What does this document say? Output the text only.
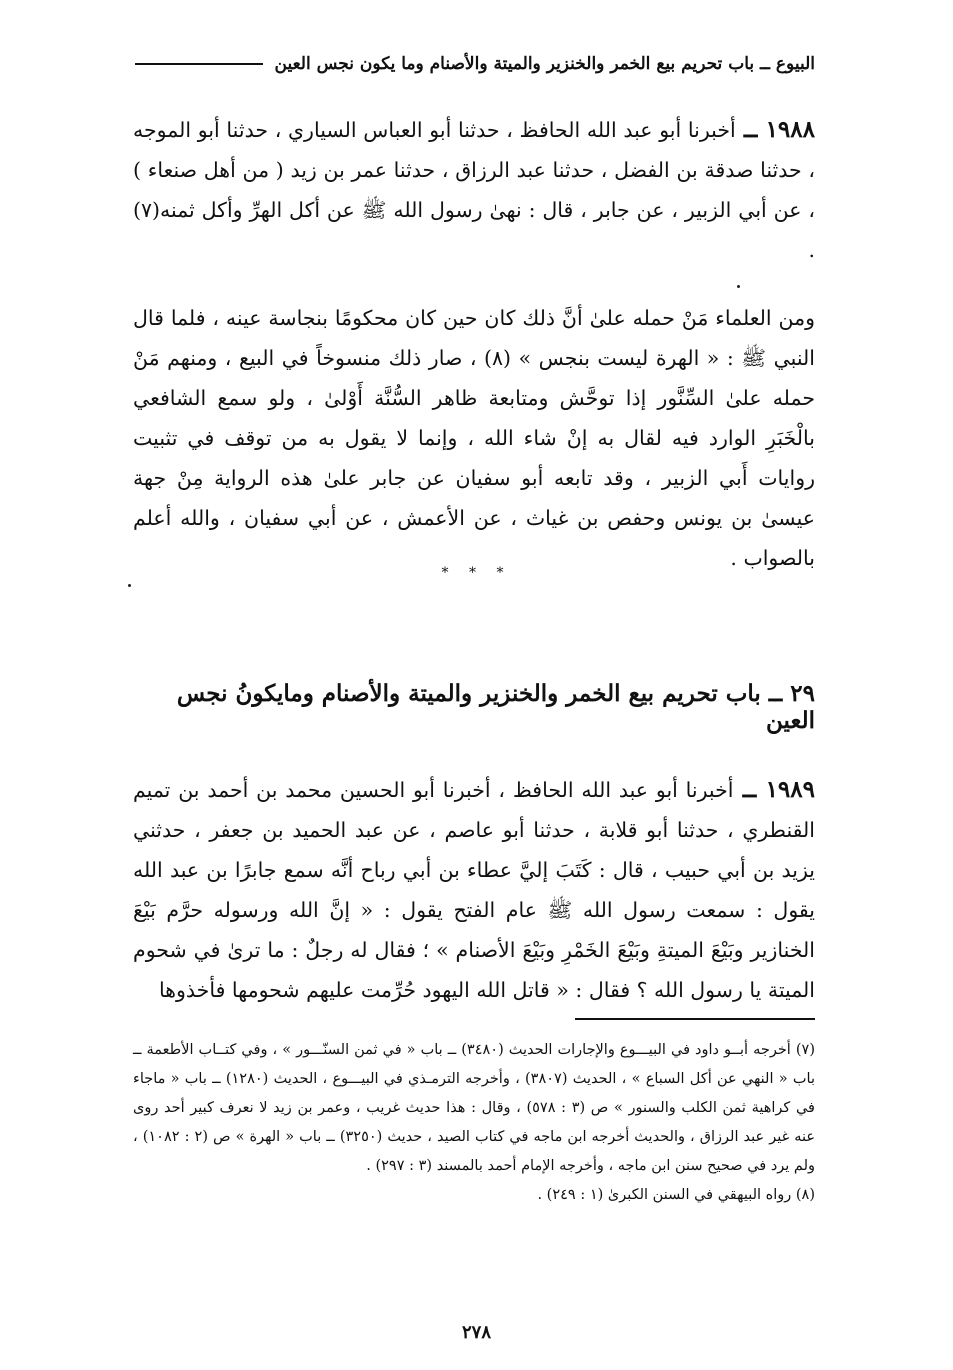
البيوع ــ باب تحريم بيع الخمر والخنزير والميتة والأصنام وما يكون نجس العين
١٩٨٨ ــ أخبرنا أبو عبد الله الحافظ ، حدثنا أبو العباس السياري ، حدثنا أبو الموجه ، حدثنا صدقة بن الفضل ، حدثنا عبد الرزاق ، حدثنا عمر بن زيد ( من أهل صنعاء ) ، عن أبي الزبير ، عن جابر ، قال : نهىٰ رسول الله ﷺ عن أكل الهرِّ وأكل ثمنه(٧) .
ومن العلماء مَنْ حمله علىٰ أنَّ ذلك كان حين كان محكومًا بنجاسة عينه ، فلما قال النبي ﷺ : « الهرة ليست بنجس » (٨) ، صار ذلك منسوخاً في البيع ، ومنهم مَنْ حمله علىٰ السِّنَّور إذا توحَّش ومتابعة ظاهر السُّنَّة أَوْلىٰ ، ولو سمع الشافعي بالْخَبَرِ الوارد فيه لقال به إنْ شاء الله ، وإنما لا يقول به من توقف في تثبيت روايات أَبي الزبير ، وقد تابعه أبو سفيان عن جابر علىٰ هذه الرواية مِنْ جهة عيسىٰ بن يونس وحفص بن غياث ، عن الأعمش ، عن أبي سفيان ، والله أعلم بالصواب .
* * *
٢٩ ــ باب تحريم بيع الخمر والخنزير والميتة والأصنام ومايكونُ نجس العين
١٩٨٩ ــ أخبرنا أبو عبد الله الحافظ ، أخبرنا أبو الحسين محمد بن أحمد بن تميم القنطري ، حدثنا أبو قلابة ، حدثنا أبو عاصم ، عن عبد الحميد بن جعفر ، حدثني يزيد بن أبي حبيب ، قال : كَتَبَ إليَّ عطاء بن أبي رباح أنَّه سمع جابرًا بن عبد الله يقول : سمعت رسول الله ﷺ عام الفتح يقول : « إنَّ الله ورسوله حرَّم بَيْعَ الخنازير وبَيْعَ الميتةِ وبَيْعَ الخَمْرِ وبَيْعَ الأصنام » ؛ فقال له رجلٌ : ما ترىٰ في شحوم الميتة يا رسول الله ؟ فقال : « قاتل الله اليهود حُرِّمت عليهم شحومها فأخذوها

(٧) أخرجه أبــو داود في البيـــوع والإجارات الحديث (٣٤٨٠) ــ باب « في ثمن السنّـــور » ، وفي كتــاب الأطعمة ــ باب « النهي عن أكل السباع » ، الحديث (٣٨٠٧) ، وأخرجه الترمـذي في البيـــوع ، الحديث (١٢٨٠) ــ باب « ماجاء في كراهية ثمن الكلب والسنور » ص (٣ : ٥٧٨) ، وقال : هذا حديث غريب ، وعمر بن زيد لا نعرف كبير أحد روى عنه غير عبد الرزاق ، والحديث أخرجه ابن ماجه في كتاب الصيد ، حديث (٣٢٥٠) ــ باب « الهرة » ص (٢ : ١٠٨٢) ، ولم يرد في صحيح سنن ابن ماجه ، وأخرجه الإمام أحمد بالمسند (٣ : ٢٩٧) .

(٨) رواه البيهقي في السنن الكبرىٰ (١ : ٢٤٩) .

٢٧٨
